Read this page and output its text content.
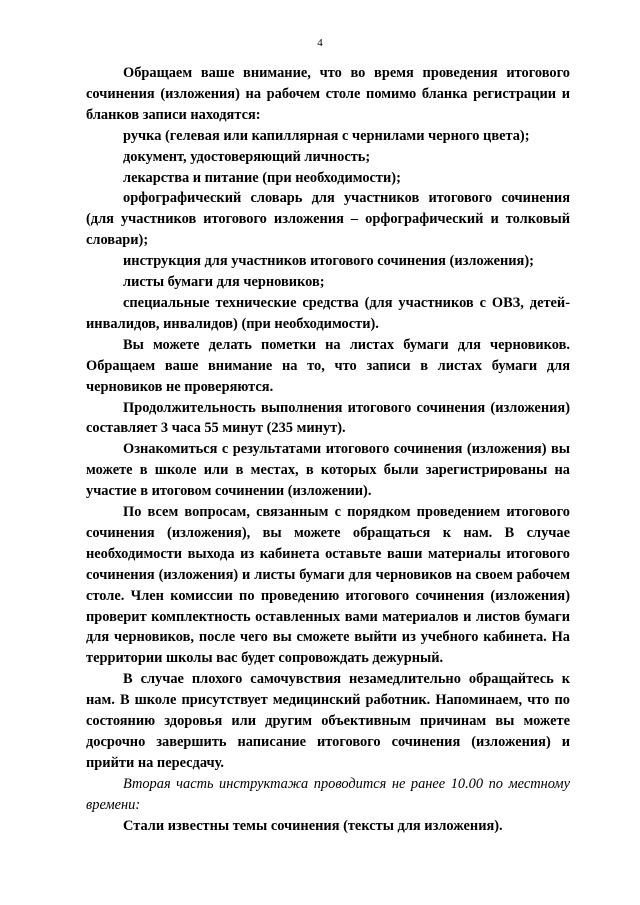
4

Обращаем ваше внимание, что во время проведения итогового сочинения (изложения) на рабочем столе помимо бланка регистрации и бланков записи находятся:

ручка (гелевая или капиллярная с чернилами черного цвета);

документ, удостоверяющий личность;

лекарства и питание (при необходимости);

орфографический словарь для участников итогового сочинения (для участников итогового изложения – орфографический и толковый словари);

инструкция для участников итогового сочинения (изложения);

листы бумаги для черновиков;

специальные технические средства (для участников с ОВЗ, детей-инвалидов, инвалидов) (при необходимости).

Вы можете делать пометки на листах бумаги для черновиков. Обращаем ваше внимание на то, что записи в листах бумаги для черновиков не проверяются.

Продолжительность выполнения итогового сочинения (изложения) составляет 3 часа 55 минут (235 минут).

Ознакомиться с результатами итогового сочинения (изложения) вы можете в школе или в местах, в которых были зарегистрированы на участие в итоговом сочинении (изложении).

По всем вопросам, связанным с порядком проведением итогового сочинения (изложения), вы можете обращаться к нам. В случае необходимости выхода из кабинета оставьте ваши материалы итогового сочинения (изложения) и листы бумаги для черновиков на своем рабочем столе. Член комиссии по проведению итогового сочинения (изложения) проверит комплектность оставленных вами материалов и листов бумаги для черновиков, после чего вы сможете выйти из учебного кабинета. На территории школы вас будет сопровождать дежурный.

В случае плохого самочувствия незамедлительно обращайтесь к нам. В школе присутствует медицинский работник. Напоминаем, что по состоянию здоровья или другим объективным причинам вы можете досрочно завершить написание итогового сочинения (изложения) и прийти на пересдачу.

Вторая часть инструктажа проводится не ранее 10.00 по местному времени:

Стали известны темы сочинения (тексты для изложения).
